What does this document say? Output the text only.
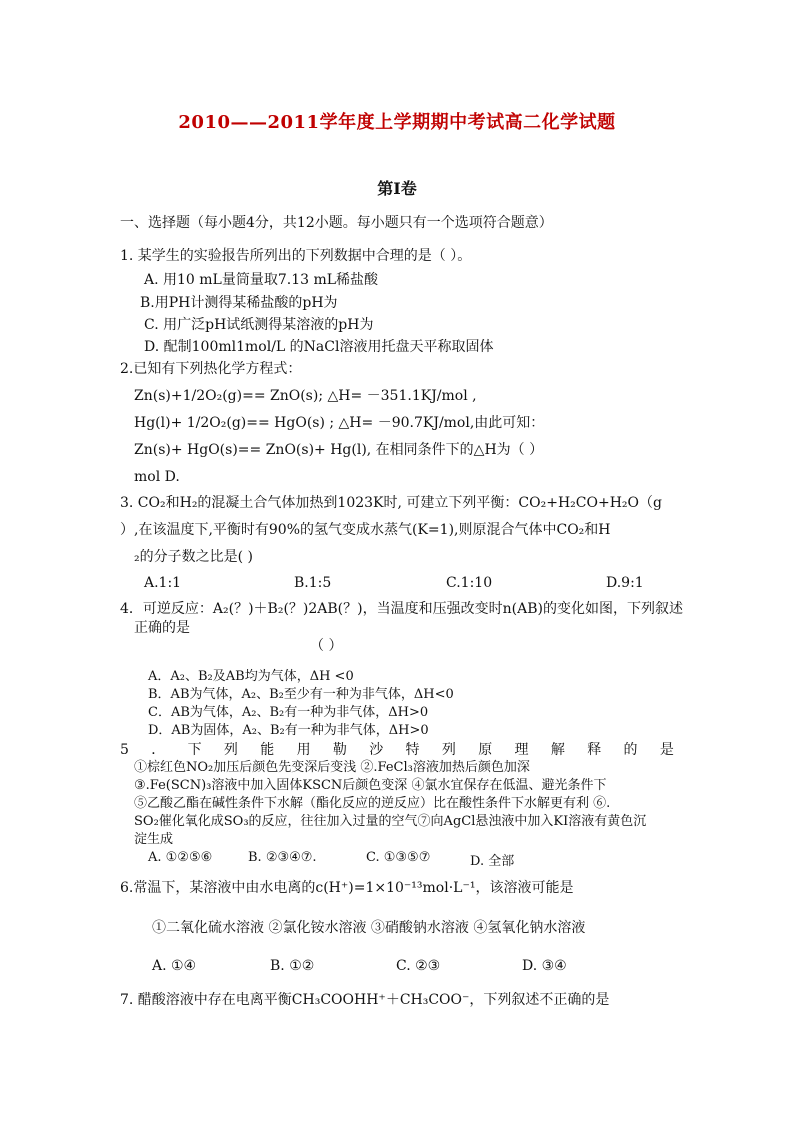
2010——2011学年度上学期期中考试高二化学试题
第Ⅰ卷
一、选择题（每小题4分，共12小题。每小题只有一个选项符合题意）
1. 某学生的实验报告所列出的下列数据中合理的是（ ）。
A. 用10 mL量筒量取7.13 mL稀盐酸
B.用PH计测得某稀盐酸的pH为
C. 用广泛pH试纸测得某溶液的pH为
D. 配制100ml1mol/L 的NaCl溶液用托盘天平称取固体
2.已知有下列热化学方程式：
Zn(s)+1/2O₂(g)== ZnO(s); △H= －351.1KJ/mol ,
Hg(l)+ 1/2O₂(g)== HgO(s) ; △H= －90.7KJ/mol,由此可知：
Zn(s)+ HgO(s)== ZnO(s)+ Hg(l), 在相同条件下的△H为（ ）
mol D.
3. CO₂和H₂的混凝土合气体加热到1023K时, 可建立下列平衡：CO₂+H₂CO+H₂O（g
）,在该温度下,平衡时有90%的氢气变成水蒸气(K=1),则原混合气体中CO₂和H
₂的分子数之比是( )
A.1:1	B.1:5	C.1:10	D.9:1
4．可逆反应：A₂(？)＋B₂(？)2AB(？)，当温度和压强改变时n(AB)的变化如图，下列叙述
正确的是
（ ）
A．A₂、B₂及AB均为气体，ΔH <0
B．AB为气体，A₂、B₂至少有一种为非气体，ΔH<0
C．AB为气体，A₂、B₂有一种为非气体，ΔH>0
D．AB为固体，A₂、B₂有一种为非气体，ΔH>0
5 ． 下 列 能 用 勒 沙 特 列 原 理 解 释 的 是
①棕红色NO₂加压后颜色先变深后变浅 ②.FeCl₃溶液加热后颜色加深
③.Fe(SCN)₃溶液中加入固体KSCN后颜色变深 ④氯水宜保存在低温、避光条件下
⑤乙酸乙酯在碱性条件下水解（酯化反应的逆反应）比在酸性条件下水解更有利 ⑥.
SO₂催化氧化成SO₃的反应，往往加入过量的空气⑦向AgCl悬浊液中加入KI溶液有黄色沉
淀生成
A. ①②⑤⑥	B. ②③④⑦.	C. ①③⑤⑦	D. 全部
6.常温下，某溶液中由水电离的c(H⁺)=1×10⁻¹³mol·L⁻¹，该溶液可能是
①二氧化硫水溶液 ②氯化铵水溶液 ③硝酸钠水溶液 ④氢氧化钠水溶液
A. ①④	B. ①②	C. ②③	D. ③④
7. 醋酸溶液中存在电离平衡CH₃COOHH⁺＋CH₃COO⁻，下列叙述不正确的是
